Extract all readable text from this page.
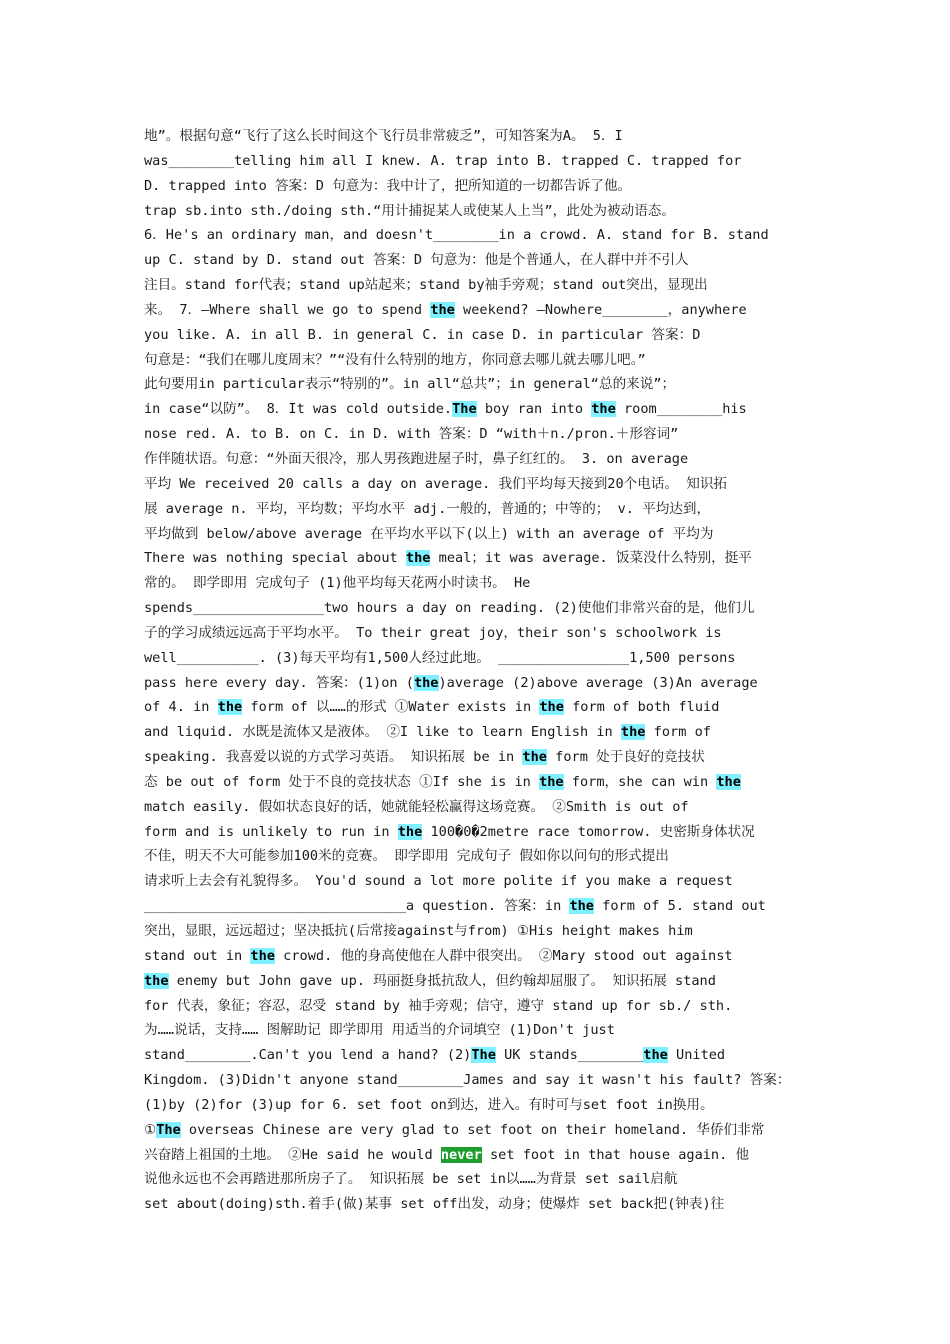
地”。根据句意“飞行了这么长时间这个飞行员非常疲乏”，可知答案为A。 5．I
was________telling him all I knew. A. trap into B. trapped C. trapped for
D. trapped into 答案：D 句意为：我中计了，把所知道的一切都告诉了他。
trap sb.into sth./doing sth.“用计捕捉某人或使某人上当”，此处为被动语态。
6．He's an ordinary man，and doesn't________in a crowd. A. stand for B. stand
up C. stand by D. stand out 答案：D 句意为：他是个普通人，在人群中并不引人
注目。stand for代表；stand up站起来；stand by袖手旁观；stand out突出，显现出
来。 7．—Where shall we go to spend the weekend? —Nowhere________，anywhere
you like. A. in all B. in general C. in case D. in particular 答案：D
句意是：“我们在哪儿度周末？”“没有什么特别的地方，你同意去哪儿就去哪儿吧。”
此句要用in particular表示“特别的”。in all“总共”；in general“总的来说”；
in case“以防”。 8．It was cold outside.The boy ran into the room________his
nose red. A. to B. on C. in D. with 答案：D “with＋n./pron.＋形容词”
作伴随状语。句意：“外面天很冷，那人男孩跑进屋子时，鼻子红红的。 3. on average
平均 We received 20 calls a day on average. 我们平均每天接到20个电话。 知识拓
展 average n. 平均，平均数；平均水平 adj.一般的，普通的；中等的； v. 平均达到，
平均做到 below/above average 在平均水平以下(以上) with an average of 平均为
There was nothing special about the meal；it was average. 饭菜没什么特别，挺平
常的。 即学即用 完成句子 (1)他平均每天花两小时读书。 He
spends________________two hours a day on reading. (2)使他们非常兴奋的是，他们儿
子的学习成绩远远高于平均水平。 To their great joy，their son's schoolwork is
well__________. (3)每天平均有1,500人经过此地。 ________________1,500 persons
pass here every day. 答案：(1)on (the)average (2)above average (3)An average
of 4. in the form of 以……的形式 ①Water exists in the form of both fluid
and liquid. 水既是流体又是液体。 ②I like to learn English in the form of
speaking. 我喜爱以说的方式学习英语。 知识拓展 be in the form 处于良好的竞技状
态 be out of form 处于不良的竞技状态 ①If she is in the form，she can win the
match easily. 假如状态良好的话，她就能轻松赢得这场竞赛。 ②Smith is out of
form and is unlikely to run in the 100�0�2metre race tomorrow. 史密斯身体状况
不佳，明天不大可能参加100米的竞赛。 即学即用 完成句子 假如你以问句的形式提出
请求听上去会有礼貌得多。 You'd sound a lot more polite if you make a request
________________________________a question. 答案：in the form of 5. stand out
突出，显眼，远远超过；坚决抵抗(后常接against与from) ①His height makes him
stand out in the crowd. 他的身高使他在人群中很突出。 ②Mary stood out against
the enemy but John gave up. 玛丽挺身抵抗敌人，但约翰却屈服了。 知识拓展 stand
for 代表，象征；容忍，忍受 stand by 袖手旁观；信守，遵守 stand up for sb./ sth.
为……说话，支持…… 图解助记 即学即用 用适当的介词填空 (1)Don't just
stand________.Can't you lend a hand? (2)The UK stands________the United
Kingdom. (3)Didn't anyone stand________James and say it wasn't his fault? 答案：
(1)by (2)for (3)up for 6. set foot on到达，进入。有时可与set foot in换用。
①The overseas Chinese are very glad to set foot on their homeland. 华侨们非常
兴奋踏上祖国的土地。 ②He said he would never set foot in that house again. 他
说他永远也不会再踏进那所房子了。 知识拓展 be set in以……为背景 set sail启航
set about(doing)sth.着手(做)某事 set off出发，动身；使爆炸 set back把(钟表)往
